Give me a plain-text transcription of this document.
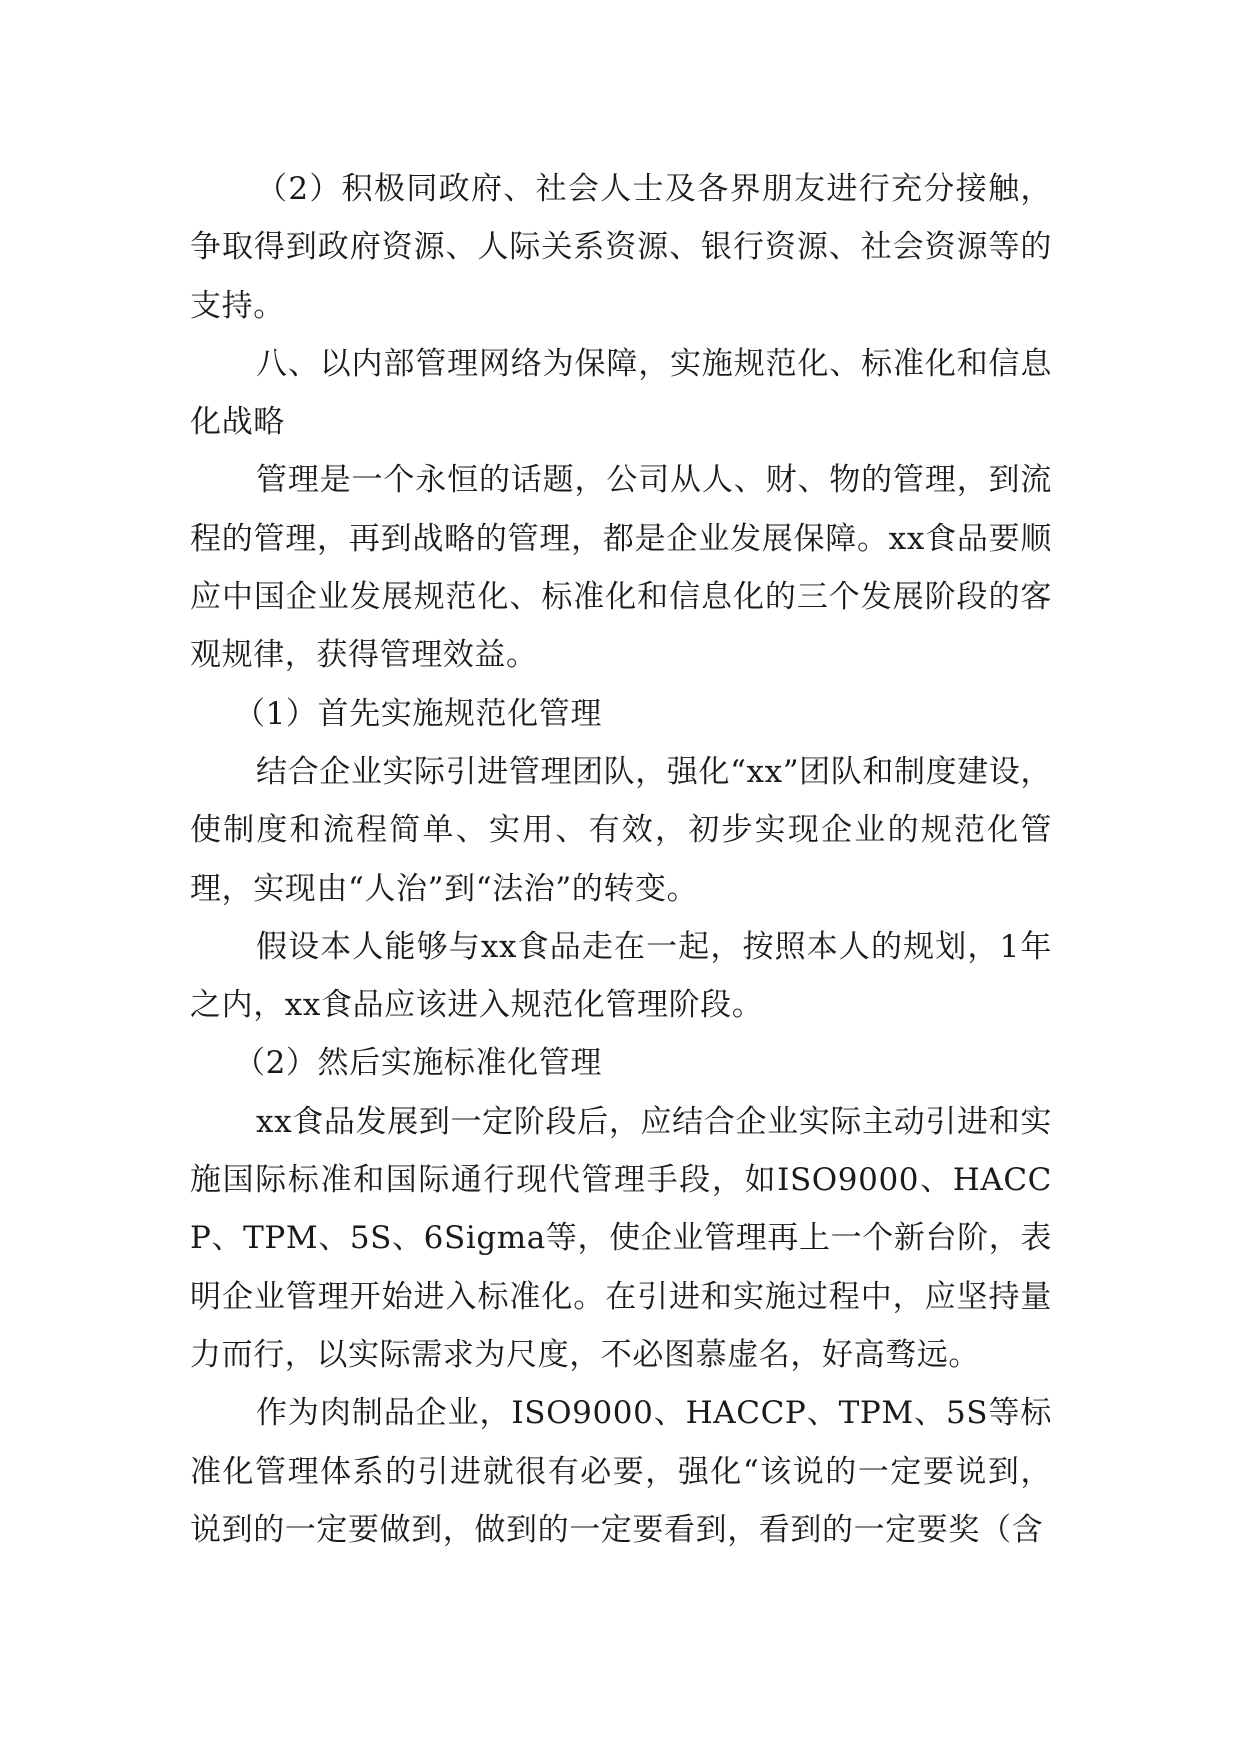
（2）积极同政府、社会人士及各界朋友进行充分接触，争取得到政府资源、人际关系资源、银行资源、社会资源等的支持。

八、以内部管理网络为保障，实施规范化、标准化和信息化战略

管理是一个永恒的话题，公司从人、财、物的管理，到流程的管理，再到战略的管理，都是企业发展保障。xx食品要顺应中国企业发展规范化、标准化和信息化的三个发展阶段的客观规律，获得管理效益。

（1）首先实施规范化管理

结合企业实际引进管理团队，强化“xx”团队和制度建设，使制度和流程简单、实用、有效，初步实现企业的规范化管理，实现由“人治”到“法治”的转变。

假设本人能够与xx食品走在一起，按照本人的规划，1年之内，xx食品应该进入规范化管理阶段。

（2）然后实施标准化管理

xx食品发展到一定阶段后，应结合企业实际主动引进和实施国际标准和国际通行现代管理手段，如ISO9000、HACCP、TPM、5S、6Sigma等，使企业管理再上一个新台阶，表明企业管理开始进入标准化。在引进和实施过程中，应坚持量力而行，以实际需求为尺度，不必图慕虚名，好高骛远。

作为肉制品企业，ISO9000、HACCP、TPM、5S等标准化管理体系的引进就很有必要，强化“该说的一定要说到，说到的一定要做到，做到的一定要看到，看到的一定要奖（含
